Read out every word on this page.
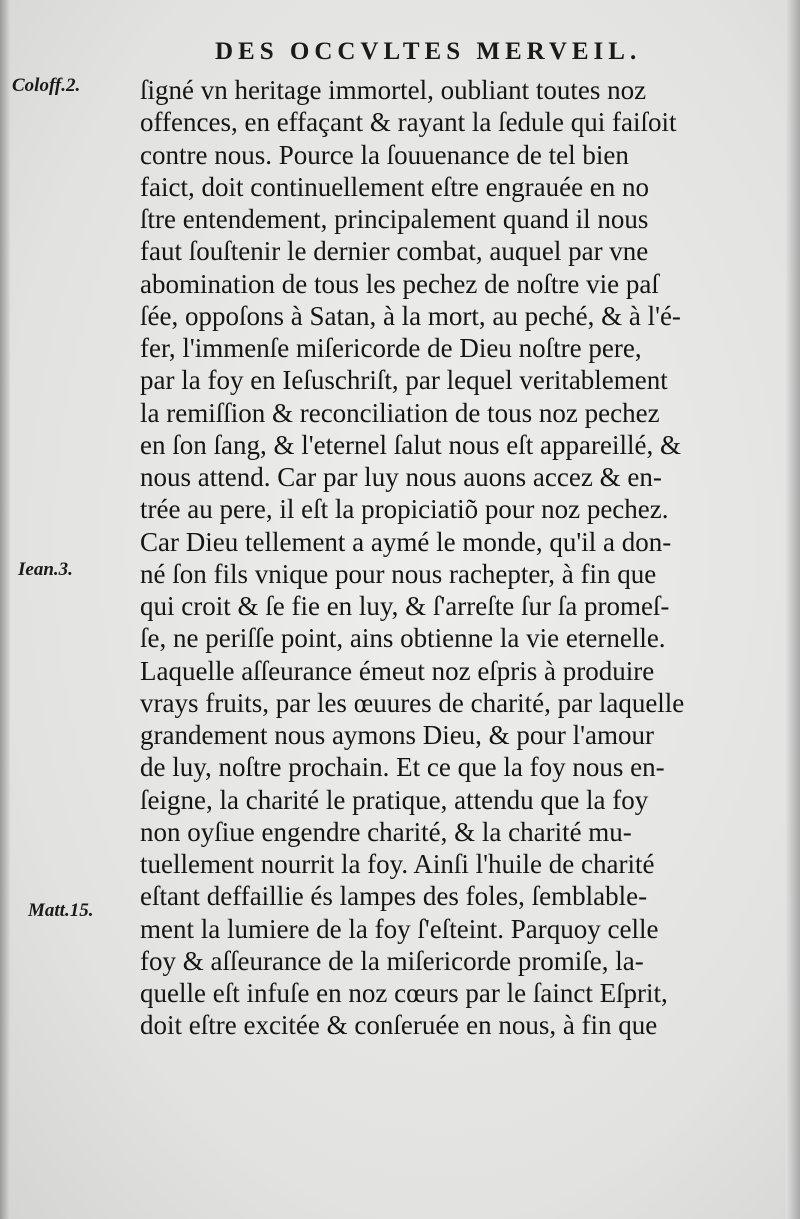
DES OCCVLTES MERVEIL.
Coloff.2.
Iean.3.
Matt.15.
ſigné vn heritage immortel, oubliant toutes noz
offences, en effaçant & rayant la ſedule qui faiſoit
contre nous. Pource la ſouuenance de tel bien
faict, doit continuellement eſtre engrauée en no
ſtre entendement, principalement quand il nous
faut ſouſtenir le dernier combat, auquel par vne
abomination de tous les pechez de noſtre vie paſ
ſée, oppoſons à Satan, à la mort, au peché, & à l'é-
fer, l'immenſe miſericorde de Dieu noſtre pere,
par la foy en Ieſuschriſt, par lequel veritablement
la remiſſion & reconciliation de tous noz pechez
en ſon ſang, & l'eternel ſalut nous eſt appareillé, &
nous attend. Car par luy nous auons accez & en-
trée au pere, il eſt la propiciatiõ pour noz pechez.
Car Dieu tellement a aymé le monde, qu'il a don-
né ſon fils vnique pour nous rachepter, à fin que
qui croit & ſe fie en luy, & ſ'arreſte ſur ſa promeſ-
ſe, ne periſſe point, ains obtienne la vie eternelle.
Laquelle aſſeurance émeut noz eſpris à produire
vrays fruits, par les œuures de charité, par laquelle
grandement nous aymons Dieu, & pour l'amour
de luy, noſtre prochain. Et ce que la foy nous en-
ſeigne, la charité le pratique, attendu que la foy
non oyſiue engendre charité, & la charité mu-
tuellement nourrit la foy. Ainſi l'huile de charité
eſtant deffaillie és lampes des foles, ſemblable-
ment la lumiere de la foy ſ'eſteint. Parquoy celle
foy & aſſeurance de la miſericorde promiſe, la-
quelle eſt infuſe en noz cœurs par le ſainct Eſprit,
doit eſtre excitée & conſeruée en nous, à fin que
